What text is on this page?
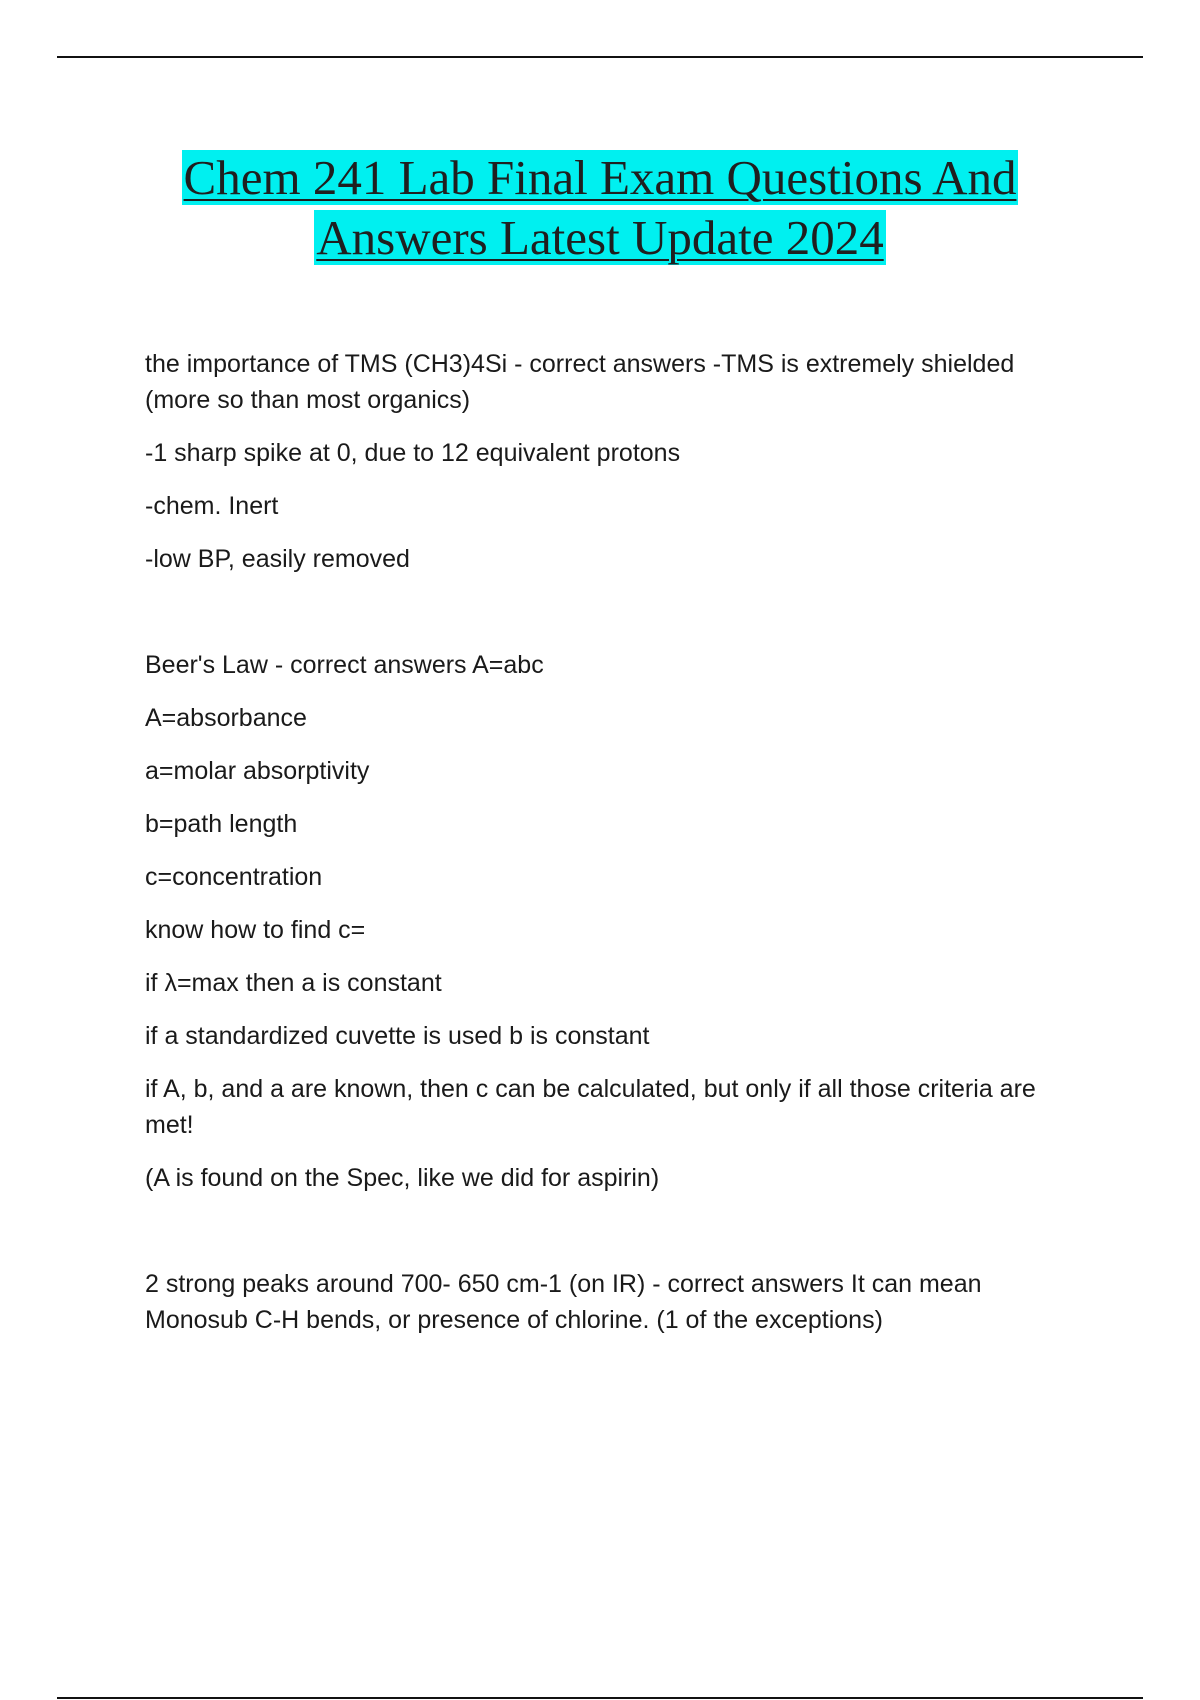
Chem 241 Lab Final Exam Questions And
Answers Latest Update 2024

the importance of TMS (CH3)4Si - correct answers -TMS is extremely shielded (more so than most organics)

-1 sharp spike at 0, due to 12 equivalent protons

-chem. Inert

-low BP, easily removed

Beer's Law - correct answers A=abc

A=absorbance

a=molar absorptivity

b=path length

c=concentration

know how to find c=

if λ=max then a is constant

if a standardized cuvette is used b is constant

if A, b, and a are known, then c can be calculated, but only if all those criteria are met!

(A is found on the Spec, like we did for aspirin)

2 strong peaks around 700- 650 cm-1 (on IR) - correct answers It can mean Monosub C-H bends, or presence of chlorine. (1 of the exceptions)
